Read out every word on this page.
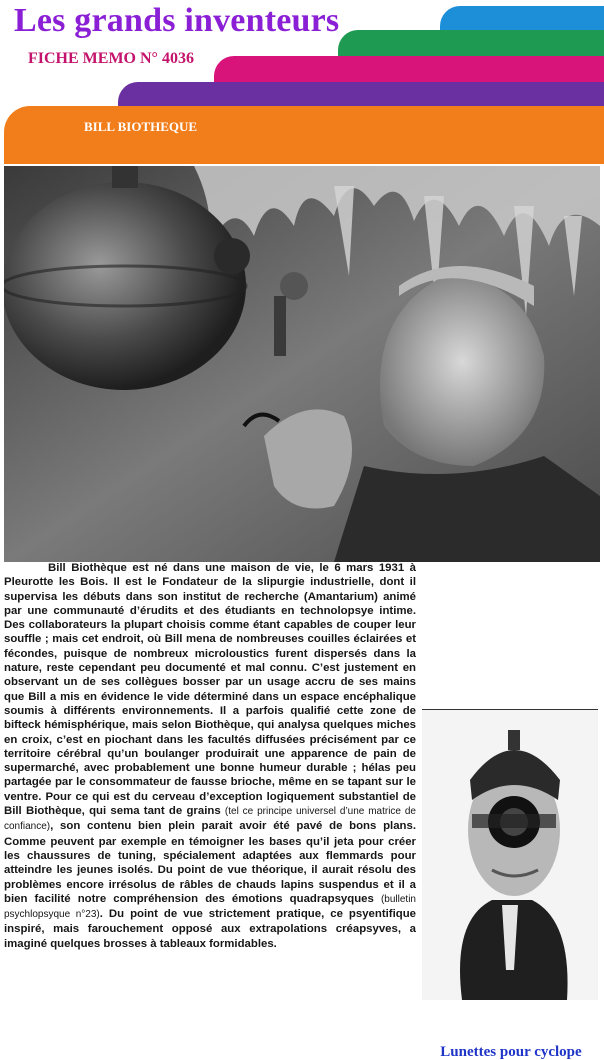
Les grands inventeurs
FICHE MEMO N° 4036
BILL BIOTHEQUE
Lunettes pour cyclope

Bill Biothèque est né dans une maison de vie, le 6 mars 1931 à Pleurotte les Bois. Il est le Fondateur de la slipurgie industrielle, dont il supervisa les débuts dans son institut de recherche (Amantarium) animé par une communauté d’érudits et des étudiants en technolopsye intime. Des collaborateurs la plupart choisis comme étant capables de couper leur souffle ; mais cet endroit, où Bill mena de nombreuses couilles éclairées et fécondes, puisque de nombreux microloustics furent dispersés dans la nature, reste cependant peu documenté et mal connu. C’est justement en observant un de ses collègues bosser par un usage accru de ses mains que Bill a mis en évidence le vide déterminé dans un espace encéphalique soumis à différents environnements. Il a parfois qualifié cette zone de bifteck hémisphérique, mais selon Biothèque, qui analysa quelques miches en croix, c’est en piochant dans les facultés diffusées précisément par ce territoire cérébral qu’un boulanger produirait une apparence de pain de supermarché, avec probablement une bonne humeur durable ; hélas peu partagée par le consommateur de fausse brioche, même en se tapant sur le ventre. Pour ce qui est du cerveau d’exception logiquement substantiel de Bill Biothèque, qui sema tant de grains (tel ce principe universel d’une matrice de confiance), son contenu bien plein parait avoir été pavé de bons plans. Comme peuvent par exemple en témoigner les bases qu’il jeta pour créer les chaussures de tuning, spécialement adaptées aux flemmards pour atteindre les jeunes isolés. Du point de vue théorique, il aurait résolu des problèmes encore irrésolus de râbles de chauds lapins suspendus et il a bien facilité notre compréhension des émotions quadrapsyques (bulletin psychlopsyque n°23). Du point de vue strictement pratique, ce psyentifique inspiré, mais farouchement opposé aux extrapolations créapsyves, a imaginé quelques brosses à tableaux formidables.
